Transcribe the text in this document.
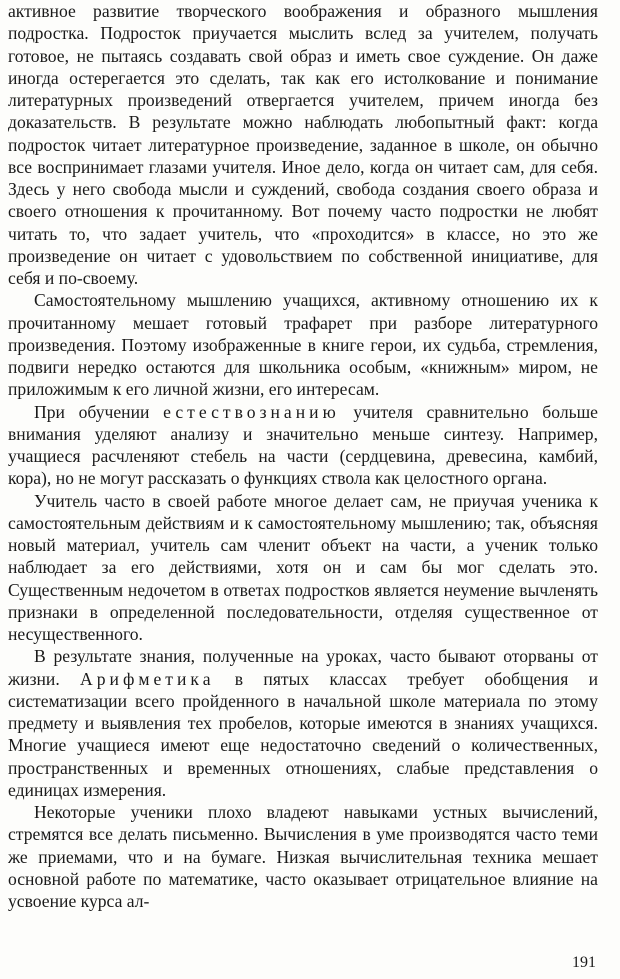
активное развитие творческого воображения и образного мышления подростка. Подросток приучается мыслить вслед за учителем, получать готовое, не пытаясь создавать свой образ и иметь свое суждение. Он даже иногда остерегается это сделать, так как его истолкование и понимание литературных произведений отвергается учителем, причем иногда без доказательств. В результате можно наблюдать любопытный факт: когда подросток читает литературное произведение, заданное в школе, он обычно все воспринимает глазами учителя. Иное дело, когда он читает сам, для себя. Здесь у него свобода мысли и суждений, свобода создания своего образа и своего отношения к прочитанному. Вот почему часто подростки не любят читать то, что задает учитель, что «проходится» в классе, но это же произведение он читает с удовольствием по собственной инициативе, для себя и по-своему.

Самостоятельному мышлению учащихся, активному отношению их к прочитанному мешает готовый трафарет при разборе литературного произведения. Поэтому изображенные в книге герои, их судьба, стремления, подвиги нередко остаются для школьника особым, «книжным» миром, не приложимым к его личной жизни, его интересам.

При обучении естествознанию учителя сравнительно больше внимания уделяют анализу и значительно меньше синтезу. Например, учащиеся расчленяют стебель на части (сердцевина, древесина, камбий, кора), но не могут рассказать о функциях ствола как целостного органа.

Учитель часто в своей работе многое делает сам, не приучая ученика к самостоятельным действиям и к самостоятельному мышлению; так, объясняя новый материал, учитель сам членит объект на части, а ученик только наблюдает за его действиями, хотя он и сам бы мог сделать это. Существенным недочетом в ответах подростков является неумение вычленять признаки в определенной последовательности, отделяя существенное от несущественного.

В результате знания, полученные на уроках, часто бывают оторваны от жизни. Арифметика в пятых классах требует обобщения и систематизации всего пройденного в начальной школе материала по этому предмету и выявления тех пробелов, которые имеются в знаниях учащихся. Многие учащиеся имеют еще недостаточно сведений о количественных, пространственных и временных отношениях, слабые представления о единицах измерения.

Некоторые ученики плохо владеют навыками устных вычислений, стремятся все делать письменно. Вычисления в уме производятся часто теми же приемами, что и на бумаге. Низкая вычислительная техника мешает основной работе по математике, часто оказывает отрицательное влияние на усвоение курса ал-

191
